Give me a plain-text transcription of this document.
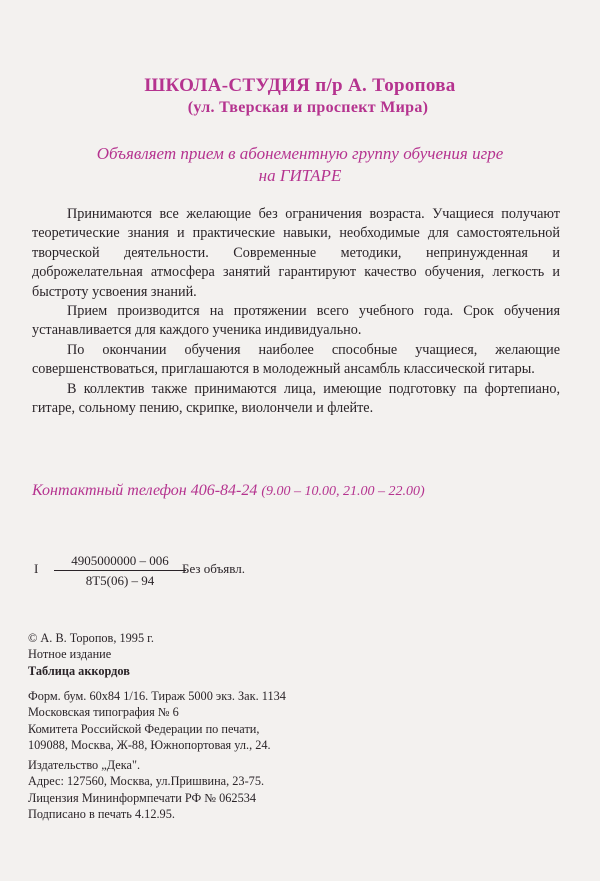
ШКОЛА-СТУДИЯ п/р А. Торопова
(ул. Тверская и проспект Мира)
Объявляет прием в абонементную группу обучения игре
на ГИТАРЕ

Принимаются все желающие без ограничения возраста. Учащиеся получают теоретические знания и практические навыки, необходимые для самостоятельной творческой деятельности. Современные методики, непринужденная и доброжелательная атмосфера занятий гарантируют качество обучения, легкость и быстроту усвоения знаний.

Прием производится на протяжении всего учебного года. Срок обучения устанавливается для каждого ученика индивидуально.

По окончании обучения наиболее способные учащиеся, желающие совершенствоваться, приглашаются в молодежный ансамбль классической гитары.

В коллектив также принимаются лица, имеющие подготовку па фортепиано, гитаре, сольному пению, скрипке, виолончели и флейте.

Контактный телефон 406-84-24 (9.00 – 10.00, 21.00 – 22.00)
I $\frac{4905000000 - 006}{8T5(06) - 94}$
Без объявл.
© А. В. Торопов, 1995 г.
Нотное издание
Таблица аккордов
Форм. бум. 60x84 1/16. Тираж 5000 экз. Зак. 1134
Московская типография № 6
Комитета Российской Федерации по печати,
109088, Москва, Ж-88, Южнопортовая ул., 24.
Издательство „Дека".
Адрес: 127560, Москва, ул.Пришвина, 23-75.
Лицензия Мининформпечати РФ № 062534
Подписано в печать 4.12.95.
